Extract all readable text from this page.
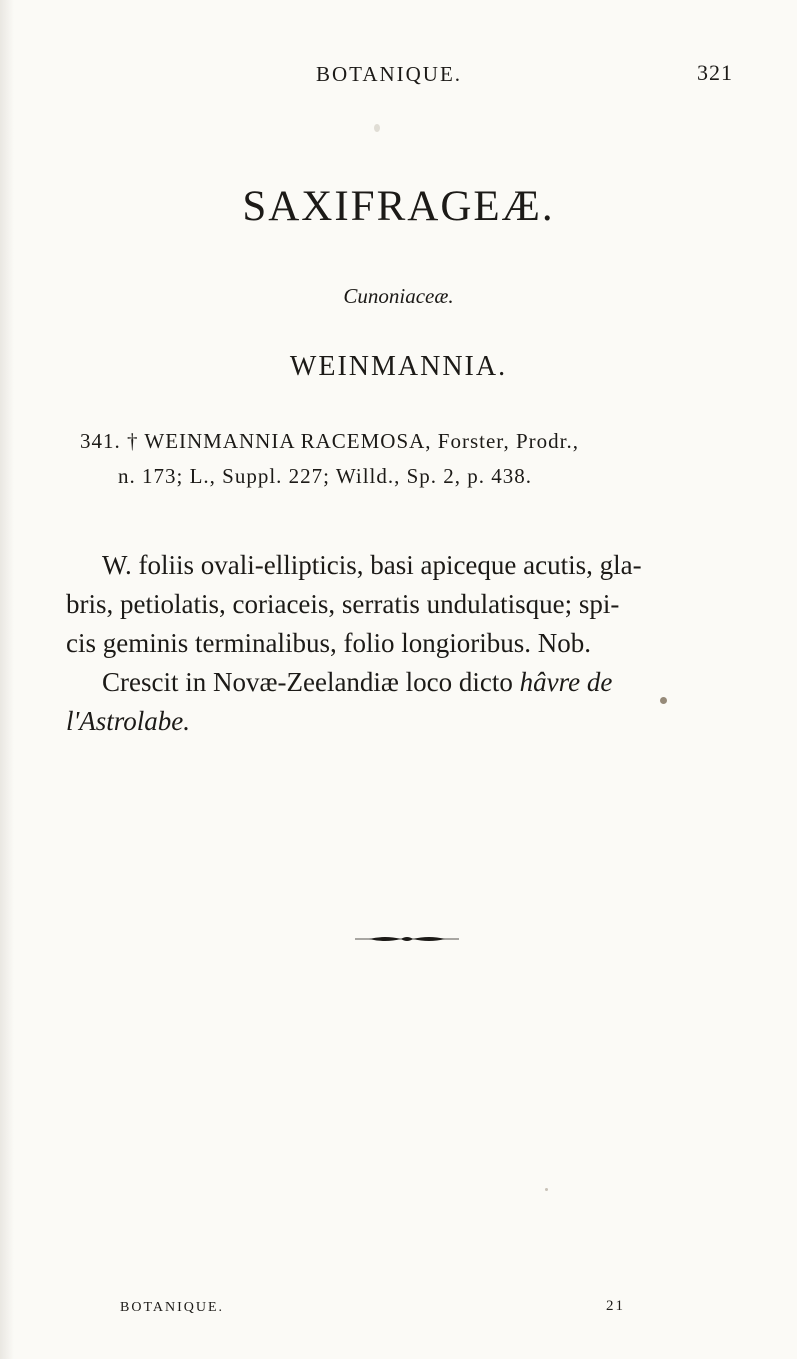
BOTANIQUE.	321
SAXIFRAGEÆ.
Cunoniaceæ.
WEINMANNIA.
341. † WEINMANNIA RACEMOSA, Forster, Prodr.,
n. 173; L., Suppl. 227; Willd., Sp. 2, p. 438.
W. foliis ovali-ellipticis, basi apiceque acutis, gla-
bris, petiolatis, coriaceis, serratis undulatisque; spi-
cis geminis terminalibus, folio longioribus. Nob.
Crescit in Novæ-Zeelandiæ loco dicto hâvre de
l'Astrolabe.
BOTANIQUE.	21
